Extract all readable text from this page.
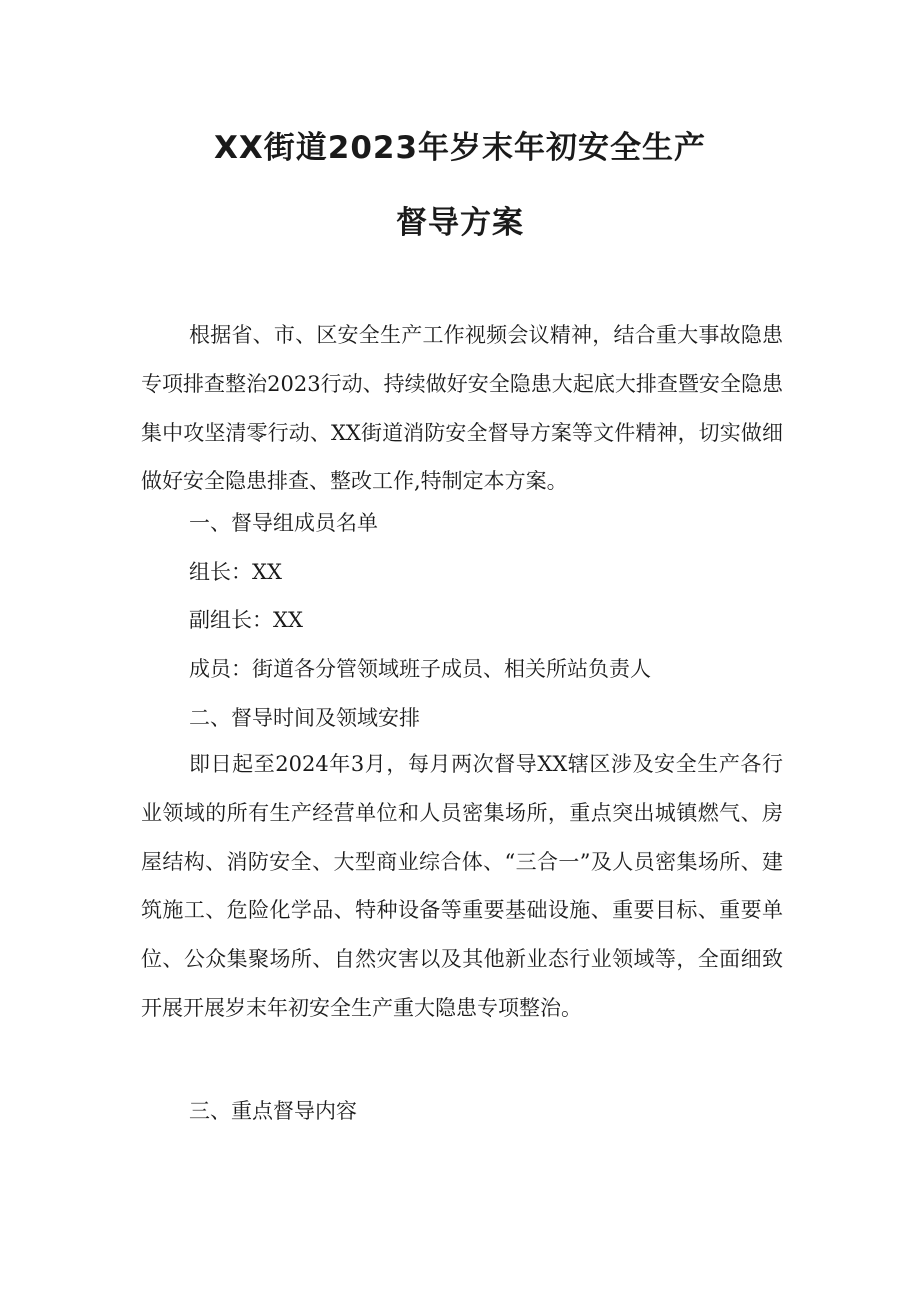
XX街道2023年岁末年初安全生产
督导方案

根据省、市、区安全生产工作视频会议精神，结合重大事故隐患专项排查整治2023行动、持续做好安全隐患大起底大排查暨安全隐患集中攻坚清零行动、XX街道消防安全督导方案等文件精神，切实做细做好安全隐患排查、整改工作,特制定本方案。

一、督导组成员名单

组长：XX

副组长：XX

成员：街道各分管领域班子成员、相关所站负责人

二、督导时间及领域安排

即日起至2024年3月，每月两次督导XX辖区涉及安全生产各行业领域的所有生产经营单位和人员密集场所，重点突出城镇燃气、房屋结构、消防安全、大型商业综合体、“三合一”及人员密集场所、建筑施工、危险化学品、特种设备等重要基础设施、重要目标、重要单位、公众集聚场所、自然灾害以及其他新业态行业领域等，全面细致开展开展岁末年初安全生产重大隐患专项整治。

三、重点督导内容
